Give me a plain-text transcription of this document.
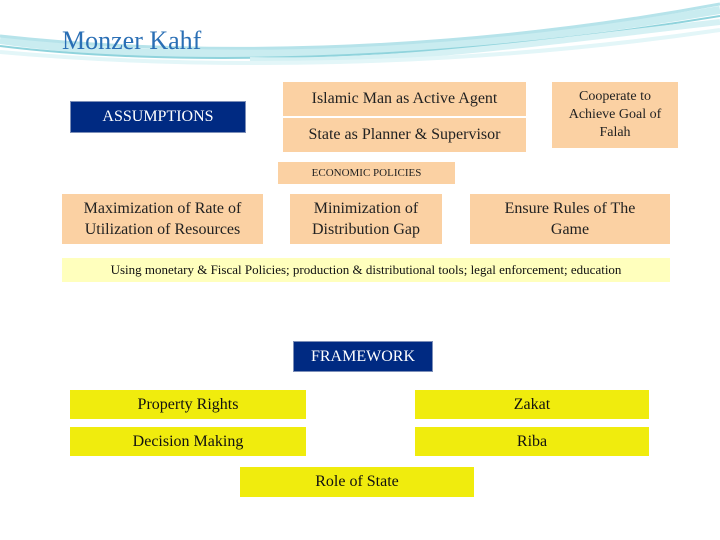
Monzer Kahf
ASSUMPTIONS
Islamic Man as Active Agent
State as Planner & Supervisor
Cooperate to
Achieve Goal of
Falah
ECONOMIC POLICIES
Maximization of Rate of
Utilization of Resources
Minimization of
Distribution Gap
Ensure Rules of The
Game
Using monetary & Fiscal Policies; production & distributional tools; legal enforcement; education
FRAMEWORK
Property Rights	Zakat
Decision Making	Riba
Role of State
